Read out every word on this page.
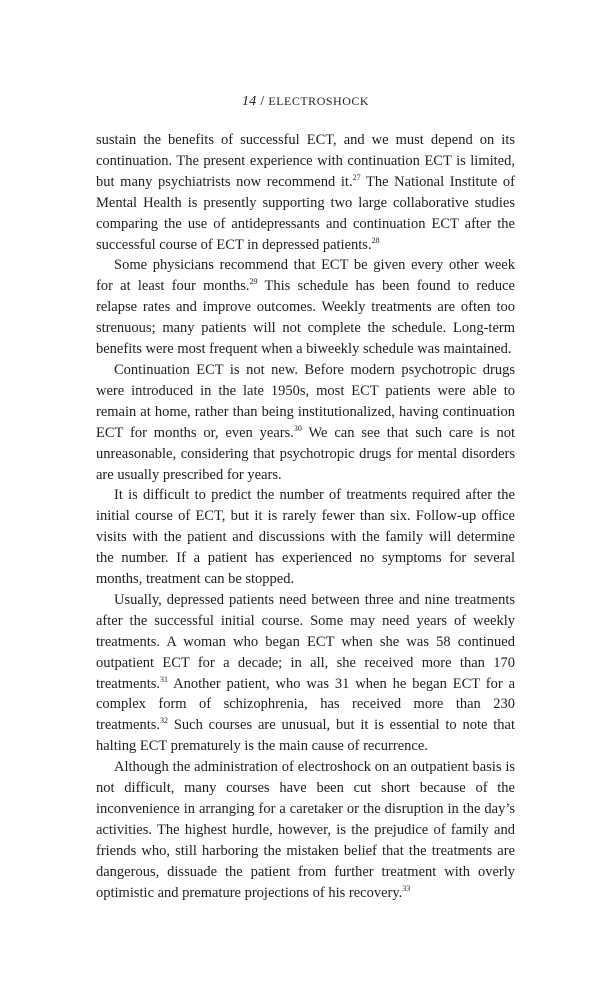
14 / ELECTROSHOCK

sustain the benefits of successful ECT, and we must depend on its continuation. The present experience with continuation ECT is limited, but many psychiatrists now recommend it.$^{27}$ The National Institute of Mental Health is presently supporting two large collaborative studies comparing the use of antidepressants and continuation ECT after the successful course of ECT in depressed patients.$^{28}$

Some physicians recommend that ECT be given every other week for at least four months.$^{29}$ This schedule has been found to reduce relapse rates and improve outcomes. Weekly treatments are often too strenuous; many patients will not complete the schedule. Long-term benefits were most frequent when a biweekly schedule was maintained.

Continuation ECT is not new. Before modern psychotropic drugs were introduced in the late 1950s, most ECT patients were able to remain at home, rather than being institutionalized, having continuation ECT for months or, even years.$^{30}$ We can see that such care is not unreasonable, considering that psychotropic drugs for mental disorders are usually prescribed for years.

It is difficult to predict the number of treatments required after the initial course of ECT, but it is rarely fewer than six. Follow-up office visits with the patient and discussions with the family will determine the number. If a patient has experienced no symptoms for several months, treatment can be stopped.

Usually, depressed patients need between three and nine treatments after the successful initial course. Some may need years of weekly treatments. A woman who began ECT when she was 58 continued outpatient ECT for a decade; in all, she received more than 170 treatments.$^{31}$ Another patient, who was 31 when he began ECT for a complex form of schizophrenia, has received more than 230 treatments.$^{32}$ Such courses are unusual, but it is essential to note that halting ECT prematurely is the main cause of recurrence.

Although the administration of electroshock on an outpatient basis is not difficult, many courses have been cut short because of the inconvenience in arranging for a caretaker or the disruption in the day’s activities. The highest hurdle, however, is the prejudice of family and friends who, still harboring the mistaken belief that the treatments are dangerous, dissuade the patient from further treatment with overly optimistic and premature projections of his recovery.$^{33}$
